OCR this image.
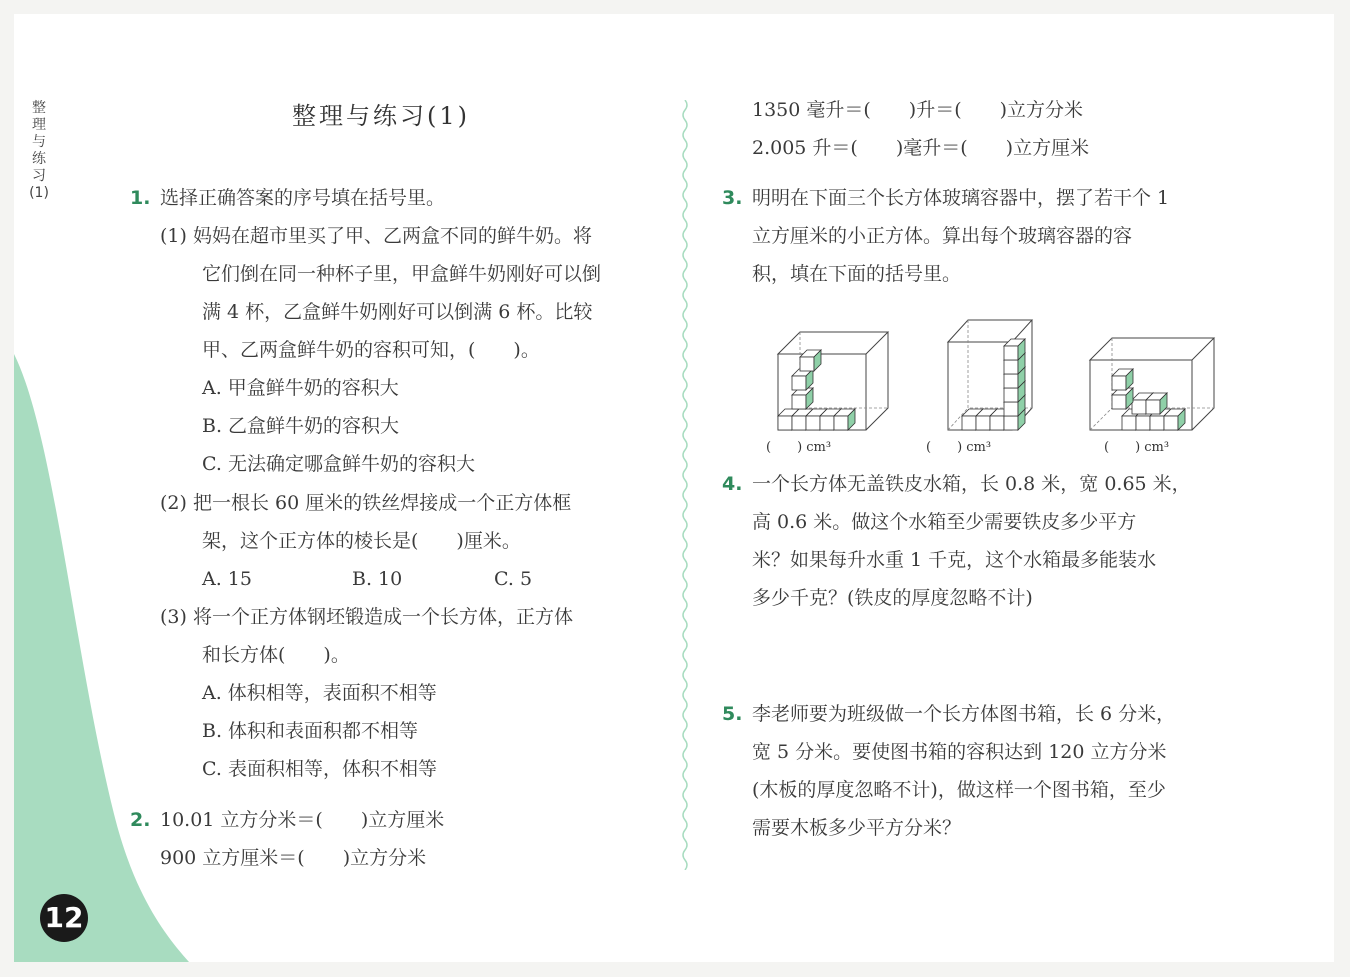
整理与练习(1)
12
整理与练习(1)
1. 选择正确答案的序号填在括号里。
(1) 妈妈在超市里买了甲、乙两盒不同的鲜牛奶。将
它们倒在同一种杯子里，甲盒鲜牛奶刚好可以倒
满 4 杯，乙盒鲜牛奶刚好可以倒满 6 杯。比较
甲、乙两盒鲜牛奶的容积可知，(　　)。
A. 甲盒鲜牛奶的容积大
B. 乙盒鲜牛奶的容积大
C. 无法确定哪盒鲜牛奶的容积大
(2) 把一根长 60 厘米的铁丝焊接成一个正方体框
架，这个正方体的棱长是(　　)厘米。
A. 15	B. 10	C. 5
(3) 将一个正方体钢坯锻造成一个长方体，正方体
和长方体(　　)。
A. 体积相等，表面积不相等
B. 体积和表面积都不相等
C. 表面积相等，体积不相等
2. 10.01 立方分米＝(　　)立方厘米
900 立方厘米＝(　　)立方分米
1350 毫升＝(　　)升＝(　　)立方分米
2.005 升＝(　　)毫升＝(　　)立方厘米
3. 明明在下面三个长方体玻璃容器中，摆了若干个 1
立方厘米的小正方体。算出每个玻璃容器的容
积，填在下面的括号里。
(　　) cm³	(　　) cm³	(　　) cm³
4. 一个长方体无盖铁皮水箱，长 0.8 米，宽 0.65 米，
高 0.6 米。做这个水箱至少需要铁皮多少平方
米？如果每升水重 1 千克，这个水箱最多能装水
多少千克？(铁皮的厚度忽略不计)
5. 李老师要为班级做一个长方体图书箱，长 6 分米，
宽 5 分米。要使图书箱的容积达到 120 立方分米
(木板的厚度忽略不计)，做这样一个图书箱，至少
需要木板多少平方分米？
